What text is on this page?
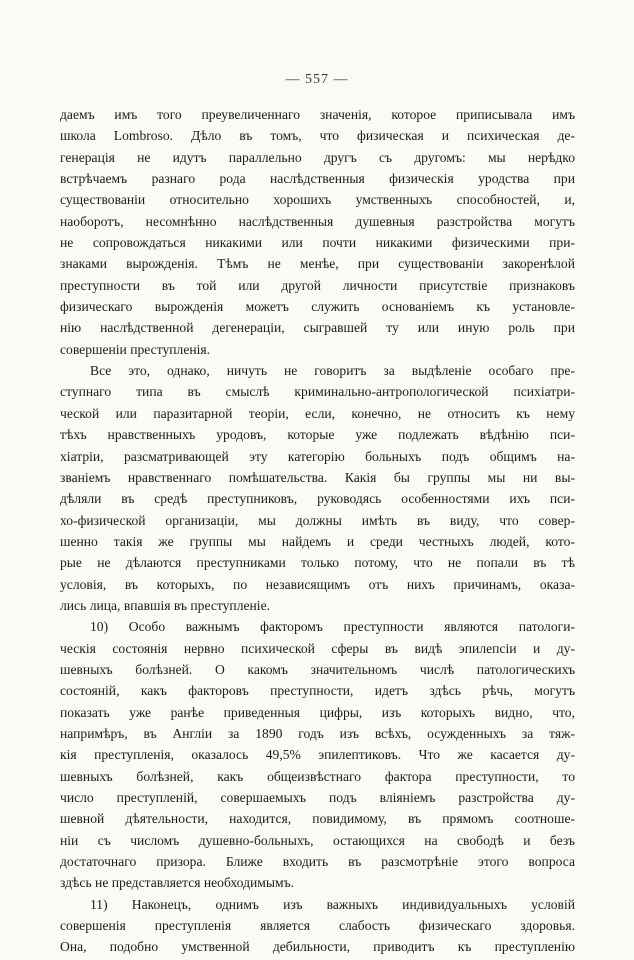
— 557 —
даемъ имъ того преувеличеннаго значенія, которое приписывала имъ
школа Lombroso. Дѣло въ томъ, что физическая и психическая де-
генерація не идутъ параллельно другъ съ другомъ: мы нерѣдко
встрѣчаемъ разнаго рода наслѣдственныя физическія уродства при
существованіи относительно хорошихъ умственныхъ способностей, и,
наоборотъ, несомнѣнно наслѣдственныя душевныя разстройства могутъ
не сопровождаться никакими или почти никакими физическими при-
знаками вырожденія. Тѣмъ не менѣе, при существованіи закоренѣлой
преступности въ той или другой личности присутствіе признаковъ
физическаго вырожденія можетъ служить основаніемъ къ установле-
нію наслѣдственной дегенераціи, сыгравшей ту или иную роль при
совершеніи преступленія.
Все это, однако, ничуть не говоритъ за выдѣленіе особаго пре-
ступнаго типа въ смыслѣ криминально-антропологической психіатри-
ческой или паразитарной теоріи, если, конечно, не относить къ нему
тѣхъ нравственныхъ уродовъ, которые уже подлежать вѣдѣнію пси-
хіатріи, разсматривающей эту категорію больныхъ подъ общимъ на-
званіемъ нравственнаго помѣшательства. Какія бы группы мы ни вы-
дѣляли въ средѣ преступниковъ, руководясь особенностями ихъ пси-
хо-физической организаціи, мы должны имѣть въ виду, что совер-
шенно такія же группы мы найдемъ и среди честныхъ людей, кото-
рые не дѣлаются преступниками только потому, что не попали въ тѣ
условія, въ которыхъ, по независящимъ отъ нихъ причинамъ, оказа-
лись лица, впавшія въ преступленіе.
10) Особо важнымъ факторомъ преступности являются патологи-
ческія состоянія нервно психической сферы въ видѣ эпилепсіи и ду-
шевныхъ болѣзней. О какомъ значительномъ числѣ патологическихъ
состояній, какъ факторовъ преступности, идетъ здѣсь рѣчь, могутъ
показать уже ранѣе приведенныя цифры, изъ которыхъ видно, что,
напримѣръ, въ Англіи за 1890 годъ изъ всѣхъ, осужденныхъ за тяж-
кія преступленія, оказалось 49,5% эпилептиковъ. Что же касается ду-
шевныхъ болѣзней, какъ общеизвѣстнаго фактора преступности, то
число преступленій, совершаемыхъ подъ вліяніемъ разстройства ду-
шевной дѣятельности, находится, повидимому, въ прямомъ соотноше-
ніи съ числомъ душевно-больныхъ, остающихся на свободѣ и безъ
достаточнаго призора. Ближе входить въ разсмотрѣніе этого вопроса
здѣсь не представляется необходимымъ.
11) Наконецъ, однимъ изъ важныхъ индивидуальныхъ условій
совершенія преступленія является слабость физическаго здоровья.
Она, подобно умственной дебильности, приводитъ къ преступленію
